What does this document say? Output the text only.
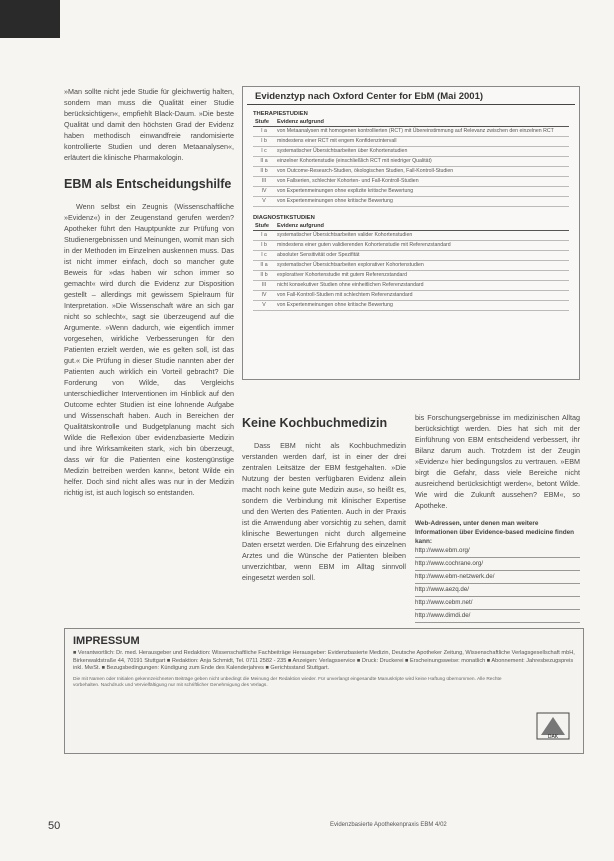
»Man sollte nicht jede Studie für gleichwertig halten, sondern man muss die Qualität einer Studie berücksichtigen«, empfiehlt Black-Daum. »Die beste Qualität und damit den höchsten Grad der Evidenz haben methodisch einwandfreie randomisierte kontrollierte Studien und deren Metaanalysen«, erläutert die klinische Pharmakologin.

EBM als Entscheidungshilfe

Wenn selbst ein Zeugnis (Wissenschaftliche »Evidenz«) in der Zeugenstand gerufen werden? Apotheker führt den Hauptpunkte zur Prüfung von Studienergebnissen und Meinungen, womit man sich in der Methoden im Einzelnen auskennen muss. Das ist nicht immer einfach, doch so mancher gute Beweis für »das haben wir schon immer so gemacht« wird durch die Evidenz zur Disposition gestellt – allerdings mit gewissem Spielraum für Interpretation. »Die Wissenschaft wäre an sich gar nicht so schlecht«, sagt sie überzeugend auf die Argumente. »Wenn dadurch, wie eigentlich immer vorgesehen, wirkliche Verbesserungen für den Patienten erzielt werden, wie es gelten soll, ist das gut.« Die Prüfung in dieser Studie nannten aber der Patienten auch wirklich ein Vorteil gebracht? Die Forderung von Wilde, das Vergleichs unterschiedlicher Interventionen im Hinblick auf den Outcome echter Studien ist eine lohnende Aufgabe und Wissenschaft haben. Auch in Bereichen der Qualitätskontrolle und Budgetplanung macht sich Wilde die Reflexion über evidenzbasierte Medizin und ihre Wirksamkeiten stark, »ich bin überzeugt, dass wir für die Patienten eine kostengünstige Medizin betreiben werden kann«, betont Wilde ein helfer. Doch sind nicht alles was nur in der Medizin richtig ist, ist auch logisch so entstanden.

Evidenztyp nach Oxford Center for EbM (Mai 2001)
THERAPIESTUDIEN
Stufe	Evidenz aufgrund
I a	von Metaanalysen mit homogenen kontrollierten (RCT) mit Übereinstimmung auf Relevanz zwischen den einzelnen RCT
I b	mindestens einer RCT mit engem Konfidenzintervall
I c	systematischer Übersichtsarbeiten über Kohortenstudien
II a	einzelner Kohortenstudie (einschließlich RCT mit niedriger Qualität)
II b	von Outcome-Research-Studien, ökologischen Studien, Fall-Kontroll-Studien
III	von Fallserien, schlechter Kohorten- und Fall-Kontroll-Studien
IV	von Expertenmeinungen ohne explizite kritische Bewertung
V	von Expertenmeinungen ohne kritische Bewertung
DIAGNOSTIKSTUDIEN
Stufe	Evidenz aufgrund
I a	systematischer Übersichtsarbeiten valider Kohortenstudien
I b	mindestens einer guten validierenden Kohortenstudie mit Referenzstandard
I c	absoluter Sensitivität oder Spezifität
II a	systematischer Übersichtsarbeiten explorativer Kohortenstudien
II b	explorativer Kohortenstudie mit gutem Referenzstandard
III	nicht konsekutiver Studien ohne einheitlichen Referenzstandard
IV	von Fall-Kontroll-Studien mit schlechtem Referenzstandard
V	von Expertenmeinungen ohne kritische Bewertung
Keine Kochbuchmedizin

Dass EBM nicht als Kochbuchmedizin verstanden werden darf, ist in einer der drei zentralen Leitsätze der EBM festgehalten. »Die Nutzung der besten verfügbaren Evidenz allein macht noch keine gute Medizin aus«, so heißt es, sondern die Verbindung mit klinischer Expertise und den Werten des Patienten. Auch in der Praxis ist die Anwendung aber vorsichtig zu sehen, damit klinische Bewertungen nicht durch allgemeine Daten ersetzt werden. Die Erfahrung des einzelnen Arztes und die Wünsche der Patienten bleiben unverzichtbar, wenn EBM im Alltag sinnvoll eingesetzt werden soll.

bis Forschungsergebnisse im medizinischen Alltag berücksichtigt werden. Dies hat sich mit der Einführung von EBM entscheidend verbessert, ihr Bilanz darum auch. Trotzdem ist der Zeugin »Evidenz« hier bedingungslos zu vertrauen. »EBM birgt die Gefahr, dass viele Bereiche nicht ausreichend berücksichtigt werden«, betont Wilde. Wie wird die Zukunft aussehen? EBM«, so Apotheke.

Web-Adressen, unter denen man weitere Informationen über Evidence-based medicine finden kann:
http://www.ebm.org/
http://www.cochrane.org/
http://www.ebm-netzwerk.de/
http://www.aezq.de/
http://www.cebm.net/
http://www.dimdi.de/
IMPRESSUM
■ Verantwortlich: Dr. med. Herausgeber und Redaktion: Wissenschaftliche Fachbeiträge Herausgeber: Evidenzbasierte Medizin, Deutsche Apotheker Zeitung, Wissenschaftliche Verlagsgesellschaft mbH, Birkenwaldstraße 44, 70191 Stuttgart ■ Redaktion: Anja Schmidt, Tel. 0711 2582 - 235 ■ Anzeigen: Verlagsservice ■ Druck: Druckerei ■ Erscheinungsweise: monatlich ■ Abonnement: Jahresbezugspreis inkl. MwSt. ■ Bezugsbedingungen: Kündigung zum Ende des Kalenderjahres ■ Gerichtsstand Stuttgart.
Die mit Namen oder Initialen gekennzeichneten Beiträge geben nicht unbedingt die Meinung der Redaktion wieder. Für unverlangt eingesandte Manuskripte wird keine Haftung übernommen. Alle Rechte vorbehalten. Nachdruck und Vervielfältigung nur mit schriftlicher Genehmigung des Verlags.
DAK
50	Evidenzbasierte Apothekenpraxis EBM 4/02
